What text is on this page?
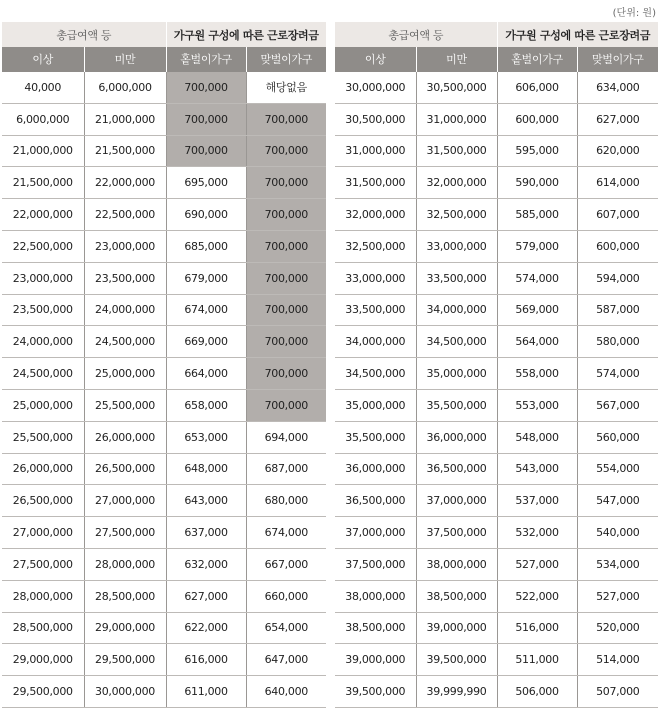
(단위: 원)
총급여액 등		가구원 구성에 따른 근로장려금	
이상	미만	홑벌이가구	맞벌이가구
40,000	6,000,000	700,000	해당없음
6,000,000	21,000,000	700,000	700,000
21,000,000	21,500,000	700,000	700,000
21,500,000	22,000,000	695,000	700,000
22,000,000	22,500,000	690,000	700,000
22,500,000	23,000,000	685,000	700,000
23,000,000	23,500,000	679,000	700,000
23,500,000	24,000,000	674,000	700,000
24,000,000	24,500,000	669,000	700,000
24,500,000	25,000,000	664,000	700,000
25,000,000	25,500,000	658,000	700,000
25,500,000	26,000,000	653,000	694,000
26,000,000	26,500,000	648,000	687,000
26,500,000	27,000,000	643,000	680,000
27,000,000	27,500,000	637,000	674,000
27,500,000	28,000,000	632,000	667,000
28,000,000	28,500,000	627,000	660,000
28,500,000	29,000,000	622,000	654,000
29,000,000	29,500,000	616,000	647,000
29,500,000	30,000,000	611,000	640,000
총급여액 등		가구원 구성에 따른 근로장려금	
이상	미만	홑벌이가구	맞벌이가구
30,000,000	30,500,000	606,000	634,000
30,500,000	31,000,000	600,000	627,000
31,000,000	31,500,000	595,000	620,000
31,500,000	32,000,000	590,000	614,000
32,000,000	32,500,000	585,000	607,000
32,500,000	33,000,000	579,000	600,000
33,000,000	33,500,000	574,000	594,000
33,500,000	34,000,000	569,000	587,000
34,000,000	34,500,000	564,000	580,000
34,500,000	35,000,000	558,000	574,000
35,000,000	35,500,000	553,000	567,000
35,500,000	36,000,000	548,000	560,000
36,000,000	36,500,000	543,000	554,000
36,500,000	37,000,000	537,000	547,000
37,000,000	37,500,000	532,000	540,000
37,500,000	38,000,000	527,000	534,000
38,000,000	38,500,000	522,000	527,000
38,500,000	39,000,000	516,000	520,000
39,000,000	39,500,000	511,000	514,000
39,500,000	39,999,990	506,000	507,000
